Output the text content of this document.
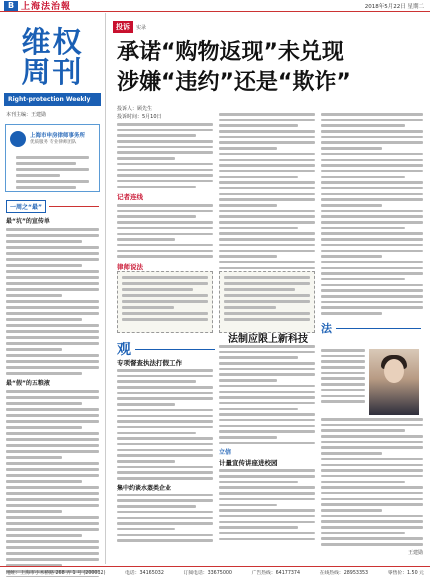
B 上海法治報	2018年5月22日 星期二
维权
周刊
Right-protection Weekly
本刊主编：王建勋
上海市申房律师事务所
优质服务 专业律师团队
一周之“最”
最“坑”的宣传单
最“假”的五粮液
投诉	实录
承诺“购物返现”未兑现
涉嫌“违约”还是“欺诈”
投诉人：顾先生
投诉时间：5月10日
记者连线
律师说法
观
专项督查执法打假工作
集中约谈水蒸类企业
立信
计量宣传讲座进校园
法
法制应限上新科技
王建勋
地址：上海市小木桥路 268 弄 1 号 (200032)	电话：34165032	订阅电话：33675000	广告热线：64177374	在线热线：28953353	零售价：1.50 元
